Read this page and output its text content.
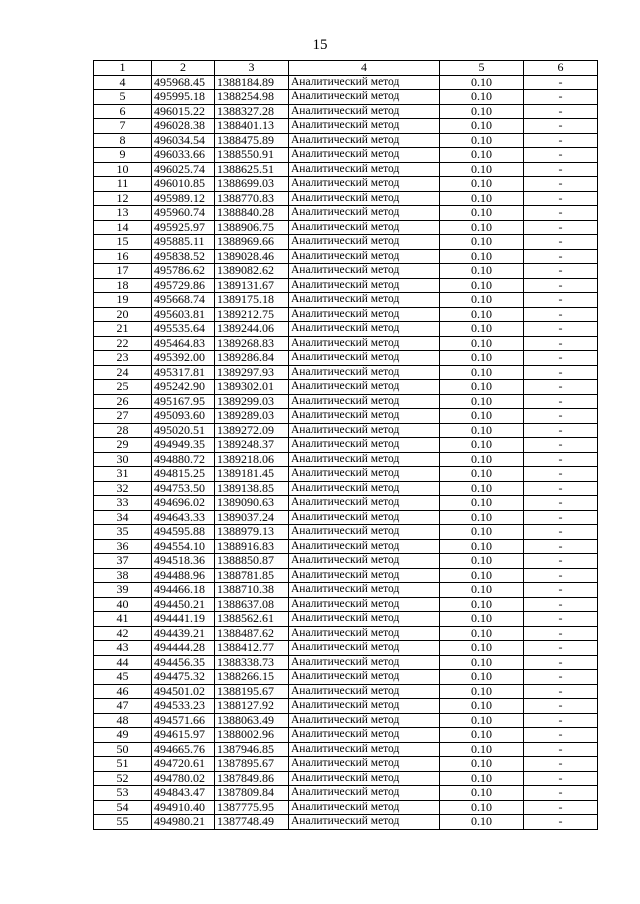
15
1	2	3	4	5	6
4	495968.45	1388184.89	Аналитический метод	0.10	-
5	495995.18	1388254.98	Аналитический метод	0.10	-
6	496015.22	1388327.28	Аналитический метод	0.10	-
7	496028.38	1388401.13	Аналитический метод	0.10	-
8	496034.54	1388475.89	Аналитический метод	0.10	-
9	496033.66	1388550.91	Аналитический метод	0.10	-
10	496025.74	1388625.51	Аналитический метод	0.10	-
11	496010.85	1388699.03	Аналитический метод	0.10	-
12	495989.12	1388770.83	Аналитический метод	0.10	-
13	495960.74	1388840.28	Аналитический метод	0.10	-
14	495925.97	1388906.75	Аналитический метод	0.10	-
15	495885.11	1388969.66	Аналитический метод	0.10	-
16	495838.52	1389028.46	Аналитический метод	0.10	-
17	495786.62	1389082.62	Аналитический метод	0.10	-
18	495729.86	1389131.67	Аналитический метод	0.10	-
19	495668.74	1389175.18	Аналитический метод	0.10	-
20	495603.81	1389212.75	Аналитический метод	0.10	-
21	495535.64	1389244.06	Аналитический метод	0.10	-
22	495464.83	1389268.83	Аналитический метод	0.10	-
23	495392.00	1389286.84	Аналитический метод	0.10	-
24	495317.81	1389297.93	Аналитический метод	0.10	-
25	495242.90	1389302.01	Аналитический метод	0.10	-
26	495167.95	1389299.03	Аналитический метод	0.10	-
27	495093.60	1389289.03	Аналитический метод	0.10	-
28	495020.51	1389272.09	Аналитический метод	0.10	-
29	494949.35	1389248.37	Аналитический метод	0.10	-
30	494880.72	1389218.06	Аналитический метод	0.10	-
31	494815.25	1389181.45	Аналитический метод	0.10	-
32	494753.50	1389138.85	Аналитический метод	0.10	-
33	494696.02	1389090.63	Аналитический метод	0.10	-
34	494643.33	1389037.24	Аналитический метод	0.10	-
35	494595.88	1388979.13	Аналитический метод	0.10	-
36	494554.10	1388916.83	Аналитический метод	0.10	-
37	494518.36	1388850.87	Аналитический метод	0.10	-
38	494488.96	1388781.85	Аналитический метод	0.10	-
39	494466.18	1388710.38	Аналитический метод	0.10	-
40	494450.21	1388637.08	Аналитический метод	0.10	-
41	494441.19	1388562.61	Аналитический метод	0.10	-
42	494439.21	1388487.62	Аналитический метод	0.10	-
43	494444.28	1388412.77	Аналитический метод	0.10	-
44	494456.35	1388338.73	Аналитический метод	0.10	-
45	494475.32	1388266.15	Аналитический метод	0.10	-
46	494501.02	1388195.67	Аналитический метод	0.10	-
47	494533.23	1388127.92	Аналитический метод	0.10	-
48	494571.66	1388063.49	Аналитический метод	0.10	-
49	494615.97	1388002.96	Аналитический метод	0.10	-
50	494665.76	1387946.85	Аналитический метод	0.10	-
51	494720.61	1387895.67	Аналитический метод	0.10	-
52	494780.02	1387849.86	Аналитический метод	0.10	-
53	494843.47	1387809.84	Аналитический метод	0.10	-
54	494910.40	1387775.95	Аналитический метод	0.10	-
55	494980.21	1387748.49	Аналитический метод	0.10	-
